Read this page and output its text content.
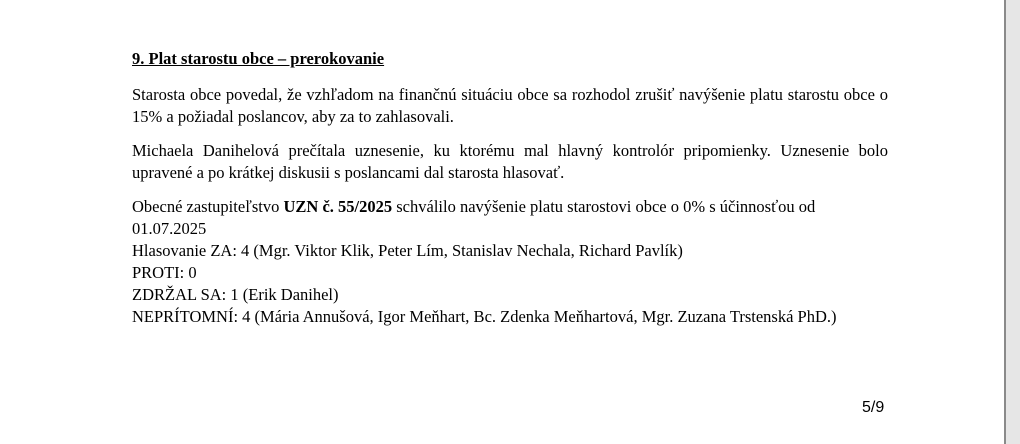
9. Plat starostu obce – prerokovanie

Starosta obce povedal, že vzhľadom na finančnú situáciu obce sa rozhodol zrušiť navýšenie platu starostu obce o 15% a požiadal poslancov, aby za to zahlasovali.

Michaela Danihelová prečítala uznesenie, ku ktorému mal hlavný kontrolór pripomienky. Uznesenie bolo upravené a po krátkej diskusii s poslancami dal starosta hlasovať.

Obecné zastupiteľstvo UZN č. 55/2025 schválilo navýšenie platu starostovi obce o 0% s účinnosťou od 01.07.2025

Hlasovanie ZA: 4 (Mgr. Viktor Klik, Peter Lím, Stanislav Nechala, Richard Pavlík)

PROTI: 0

ZDRŽAL SA: 1 (Erik Danihel)

NEPRÍTOMNÍ: 4 (Mária Annušová, Igor Meňhart, Bc. Zdenka Meňhartová, Mgr. Zuzana Trstenská PhD.)

5/9
